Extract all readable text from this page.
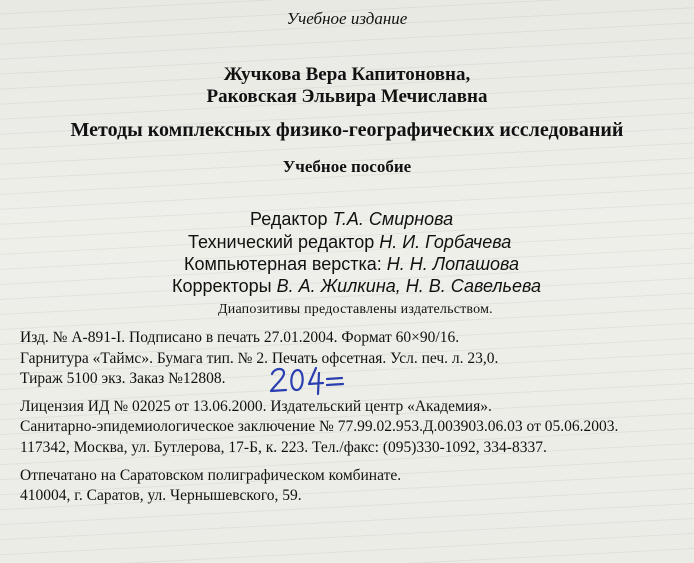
Учебное издание
Жучкова Вера Капитоновна,
Раковская Эльвира Мечиславна
Методы комплексных физико-географических исследований
Учебное пособие
Редактор Т.А. Смирнова
Технический редактор Н. И. Горбачева
Компьютерная верстка: Н. Н. Лопашова
Корректоры В. А. Жилкина, Н. В. Савельева
Диапозитивы предоставлены издательством.
Изд. № А-891-I. Подписано в печать 27.01.2004. Формат 60×90/16.
Гарнитура «Таймс». Бумага тип. № 2. Печать офсетная. Усл. печ. л. 23,0.
Тираж 5100 экз. Заказ №12808.
Лицензия ИД № 02025 от 13.06.2000. Издательский центр «Академия».
Санитарно-эпидемиологическое заключение № 77.99.02.953.Д.003903.06.03 от 05.06.2003.
117342, Москва, ул. Бутлерова, 17-Б, к. 223. Тел./факс: (095)330-1092, 334-8337.
Отпечатано на Саратовском полиграфическом комбинате.
410004, г. Саратов, ул. Чернышевского, 59.
